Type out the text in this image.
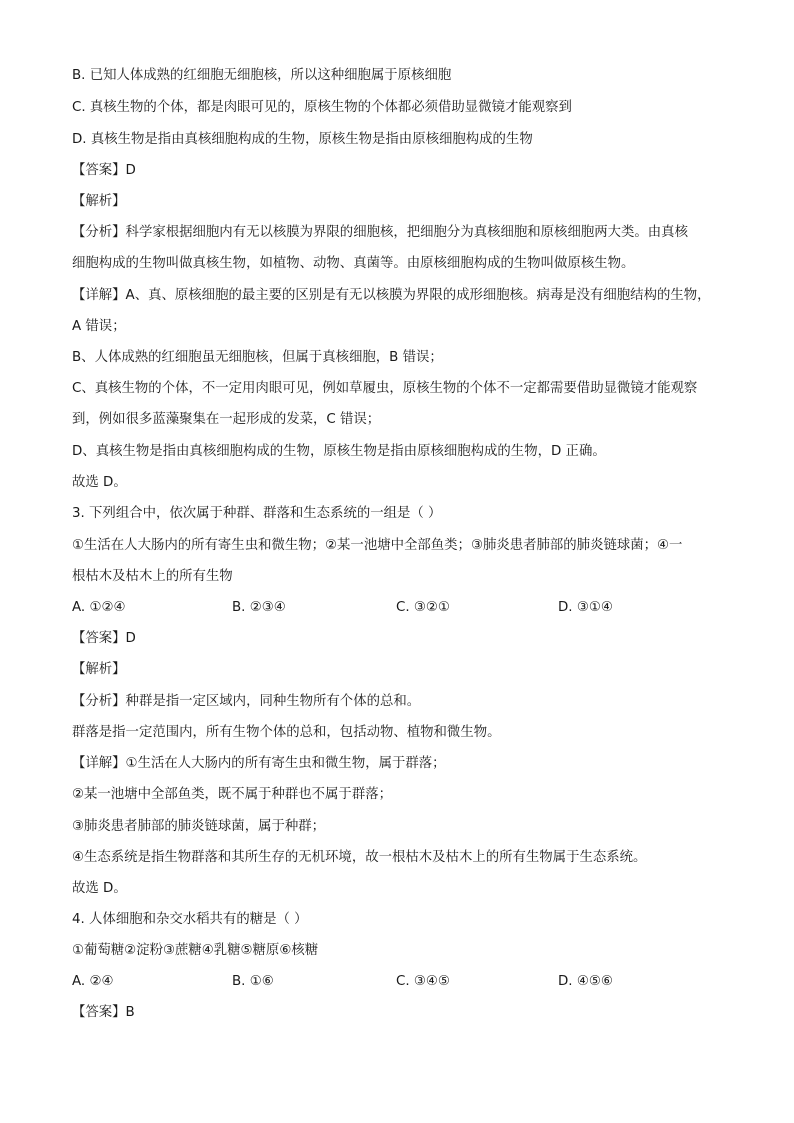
B. 已知人体成熟的红细胞无细胞核，所以这种细胞属于原核细胞
C. 真核生物的个体，都是肉眼可见的，原核生物的个体都必须借助显微镜才能观察到
D. 真核生物是指由真核细胞构成的生物，原核生物是指由原核细胞构成的生物
【答案】D
【解析】
【分析】科学家根据细胞内有无以核膜为界限的细胞核，把细胞分为真核细胞和原核细胞两大类。由真核
细胞构成的生物叫做真核生物，如植物、动物、真菌等。由原核细胞构成的生物叫做原核生物。
【详解】A、真、原核细胞的最主要的区别是有无以核膜为界限的成形细胞核。病毒是没有细胞结构的生物，
A 错误；
B、人体成熟的红细胞虽无细胞核，但属于真核细胞，B 错误；
C、真核生物的个体，不一定用肉眼可见，例如草履虫，原核生物的个体不一定都需要借助显微镜才能观察
到，例如很多蓝藻聚集在一起形成的发菜，C 错误；
D、真核生物是指由真核细胞构成的生物，原核生物是指由原核细胞构成的生物，D 正确。
故选 D。
3. 下列组合中，依次属于种群、群落和生态系统的一组是（ ）
①生活在人大肠内的所有寄生虫和微生物；②某一池塘中全部鱼类；③肺炎患者肺部的肺炎链球菌；④一
根枯木及枯木上的所有生物
A. ①②④	B. ②③④	C. ③②①	D. ③①④
【答案】D
【解析】
【分析】种群是指一定区域内，同种生物所有个体的总和。
群落是指一定范围内，所有生物个体的总和，包括动物、植物和微生物。
【详解】①生活在人大肠内的所有寄生虫和微生物，属于群落；
②某一池塘中全部鱼类，既不属于种群也不属于群落；
③肺炎患者肺部的肺炎链球菌，属于种群；
④生态系统是指生物群落和其所生存的无机环境，故一根枯木及枯木上的所有生物属于生态系统。
故选 D。
4. 人体细胞和杂交水稻共有的糖是（ ）
①葡萄糖②淀粉③蔗糖④乳糖⑤糖原⑥核糖
A. ②④	B. ①⑥	C. ③④⑤	D. ④⑤⑥
【答案】B
